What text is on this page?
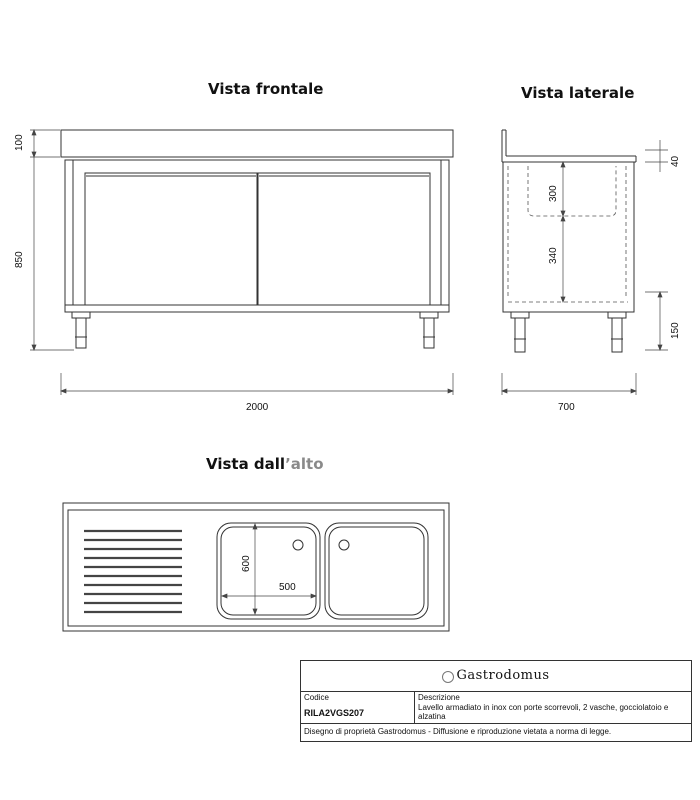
Vista frontale	Vista laterale
Vista dall’alto
100
850
2000
40
300
340
150
700
600
500
Gastrodomus
Codice
RILA2VGS207
Descrizione
Lavello armadiato in inox con porte scorrevoli, 2 vasche, gocciolatoio e alzatina
Disegno di proprietà Gastrodomus - Diffusione e riproduzione vietata a norma di legge.
